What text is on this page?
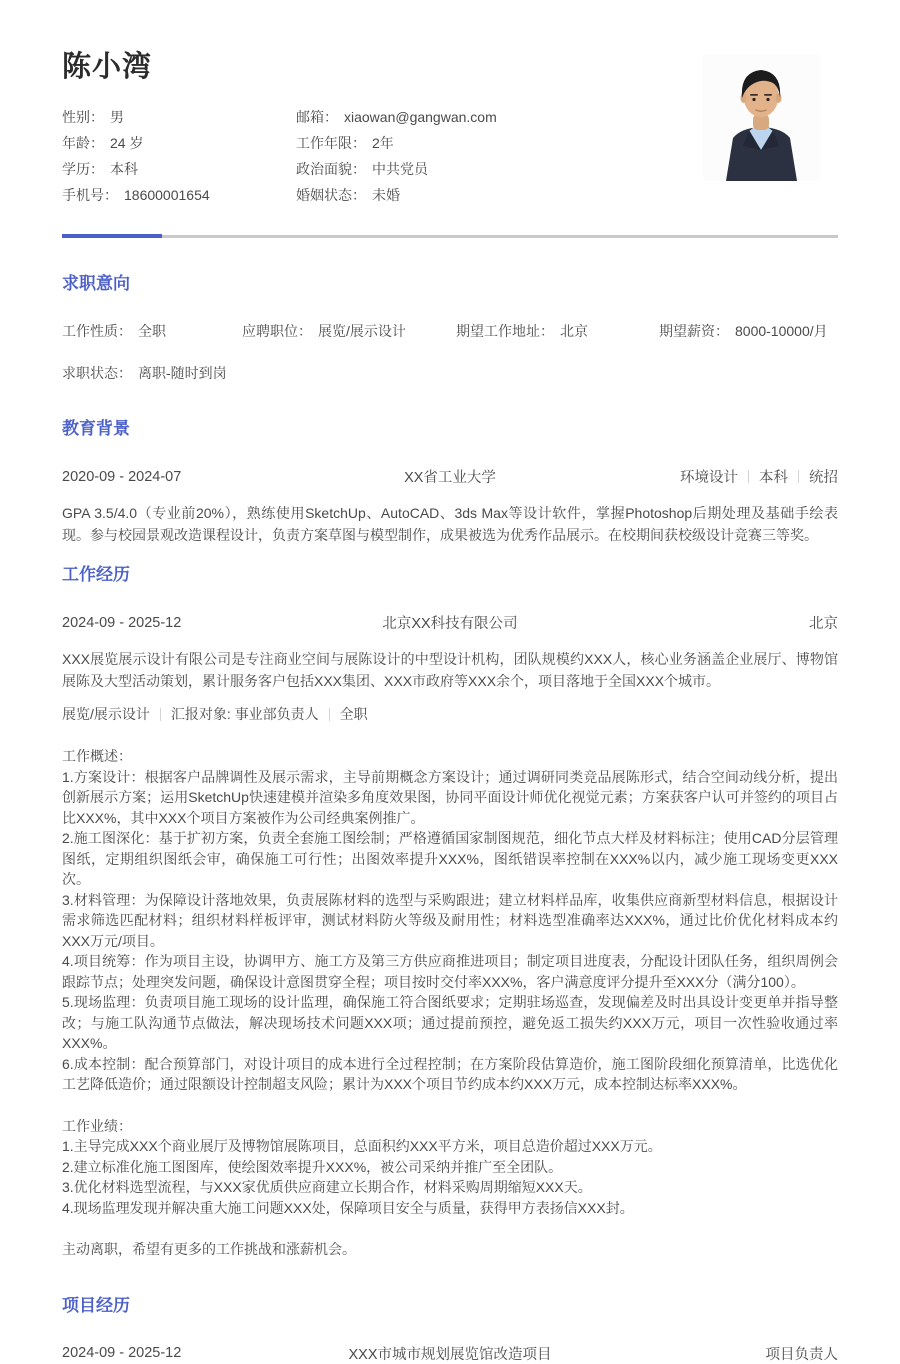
陈小湾
性别： 男	邮箱： xiaowan@gangwan.com
年龄： 24 岁	工作年限： 2年
学历： 本科	政治面貌： 中共党员
手机号： 18600001654	婚姻状态： 未婚
求职意向
工作性质： 全职	应聘职位： 展览/展示设计	期望工作地址： 北京	期望薪资： 8000-10000/月
求职状态： 离职-随时到岗
教育背景
2020-09 - 2024-07	XX省工业大学	环境设计 本科 统招

GPA 3.5/4.0（专业前20%），熟练使用SketchUp、AutoCAD、3ds Max等设计软件，掌握Photoshop后期处理及基础手绘表现。参与校园景观改造课程设计，负责方案草图与模型制作，成果被选为优秀作品展示。在校期间获校级设计竞赛三等奖。

工作经历
2024-09 - 2025-12	北京XX科技有限公司	北京

XXX展览展示设计有限公司是专注商业空间与展陈设计的中型设计机构，团队规模约XXX人，核心业务涵盖企业展厅、博物馆展陈及大型活动策划，累计服务客户包括XXX集团、XXX市政府等XXX余个，项目落地于全国XXX个城市。

展览/展示设计 汇报对象: 事业部负责人 全职

工作概述：

1.方案设计：根据客户品牌调性及展示需求，主导前期概念方案设计；通过调研同类竞品展陈形式，结合空间动线分析，提出创新展示方案；运用SketchUp快速建模并渲染多角度效果图，协同平面设计师优化视觉元素；方案获客户认可并签约的项目占比XXX%，其中XXX个项目方案被作为公司经典案例推广。

2.施工图深化：基于扩初方案，负责全套施工图绘制；严格遵循国家制图规范，细化节点大样及材料标注；使用CAD分层管理图纸，定期组织图纸会审，确保施工可行性；出图效率提升XXX%，图纸错误率控制在XXX%以内，减少施工现场变更XXX次。

3.材料管理：为保障设计落地效果，负责展陈材料的选型与采购跟进；建立材料样品库，收集供应商新型材料信息，根据设计需求筛选匹配材料；组织材料样板评审，测试材料防火等级及耐用性；材料选型准确率达XXX%，通过比价优化材料成本约XXX万元/项目。

4.项目统筹：作为项目主设，协调甲方、施工方及第三方供应商推进项目；制定项目进度表，分配设计团队任务，组织周例会跟踪节点；处理突发问题，确保设计意图贯穿全程；项目按时交付率XXX%，客户满意度评分提升至XXX分（满分100）。

5.现场监理：负责项目施工现场的设计监理，确保施工符合图纸要求；定期驻场巡查，发现偏差及时出具设计变更单并指导整改；与施工队沟通节点做法，解决现场技术问题XXX项；通过提前预控，避免返工损失约XXX万元，项目一次性验收通过率XXX%。

6.成本控制：配合预算部门，对设计项目的成本进行全过程控制；在方案阶段估算造价，施工图阶段细化预算清单，比选优化工艺降低造价；通过限额设计控制超支风险；累计为XXX个项目节约成本约XXX万元，成本控制达标率XXX%。

工作业绩：

1.主导完成XXX个商业展厅及博物馆展陈项目，总面积约XXX平方米，项目总造价超过XXX万元。

2.建立标准化施工图图库，使绘图效率提升XXX%，被公司采纳并推广至全团队。

3.优化材料选型流程，与XXX家优质供应商建立长期合作，材料采购周期缩短XXX天。

4.现场监理发现并解决重大施工问题XXX处，保障项目安全与质量，获得甲方表扬信XXX封。

主动离职，希望有更多的工作挑战和涨薪机会。

项目经历
2024-09 - 2025-12	XXX市城市规划展览馆改造项目	项目负责人
